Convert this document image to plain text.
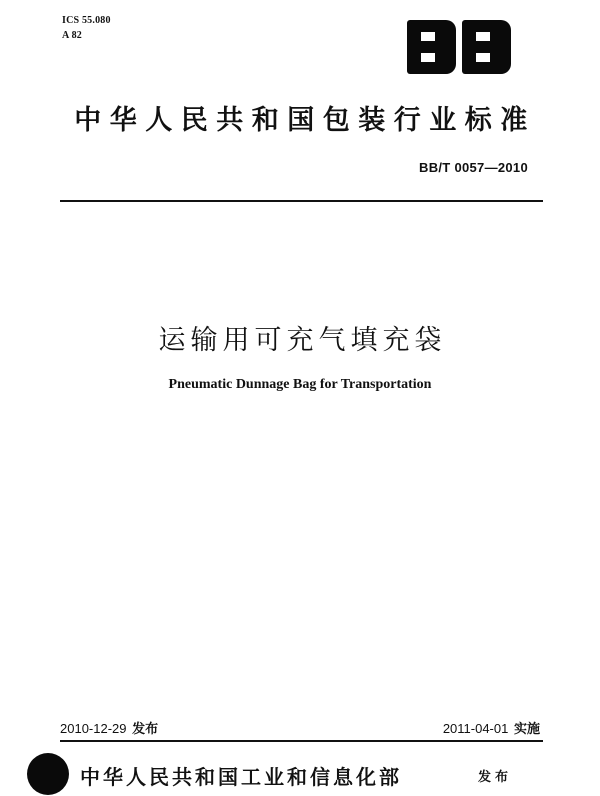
ICS 55.080
A 82
中华人民共和国包装行业标准
BB/T 0057—2010
运输用可充气填充袋
Pneumatic Dunnage Bag for Transportation
2010-12-29 发布	2011-04-01 实施
中华人民共和国工业和信息化部	发布
